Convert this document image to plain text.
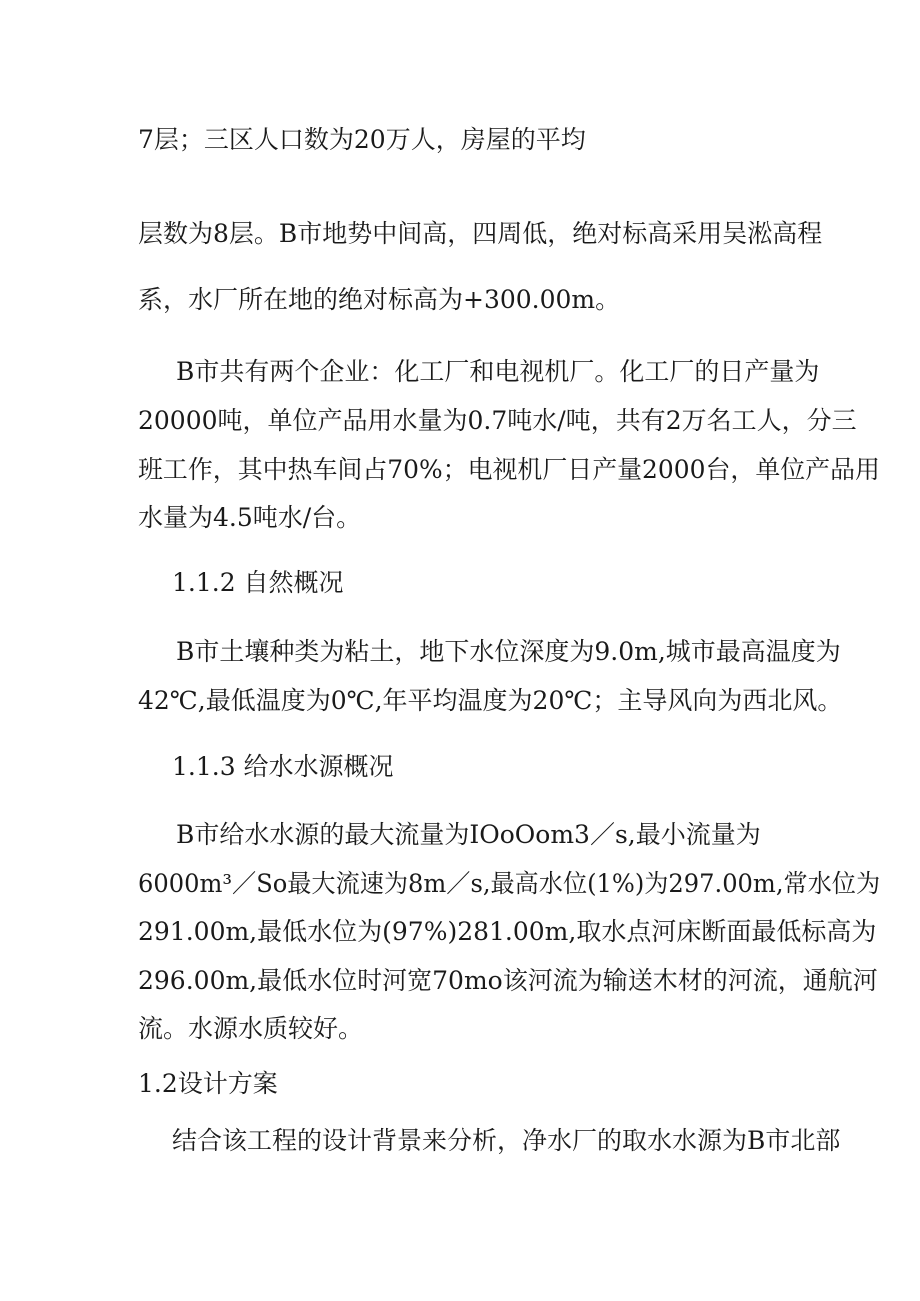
7层；三区人口数为20万人，房屋的平均
层数为8层。B市地势中间高，四周低，绝对标高采用吴淞高程
系，水厂所在地的绝对标高为+300.00m。
B市共有两个企业：化工厂和电视机厂。化工厂的日产量为
20000吨，单位产品用水量为0.7吨水/吨，共有2万名工人，分三
班工作，其中热车间占70%；电视机厂日产量2000台，单位产品用
水量为4.5吨水/台。
1.1.2 自然概况
B市土壤种类为粘土，地下水位深度为9.0m,城市最高温度为
42℃,最低温度为0℃,年平均温度为20℃；主导风向为西北风。
1.1.3 给水水源概况
B市给水水源的最大流量为IOoOom3／s,最小流量为
6000m³／So最大流速为8m／s,最高水位(1%)为297.00m,常水位为
291.00m,最低水位为(97%)281.00m,取水点河床断面最低标高为
296.00m,最低水位时河宽70mo该河流为输送木材的河流，通航河
流。水源水质较好。
1.2设计方案
结合该工程的设计背景来分析，净水厂的取水水源为B市北部
